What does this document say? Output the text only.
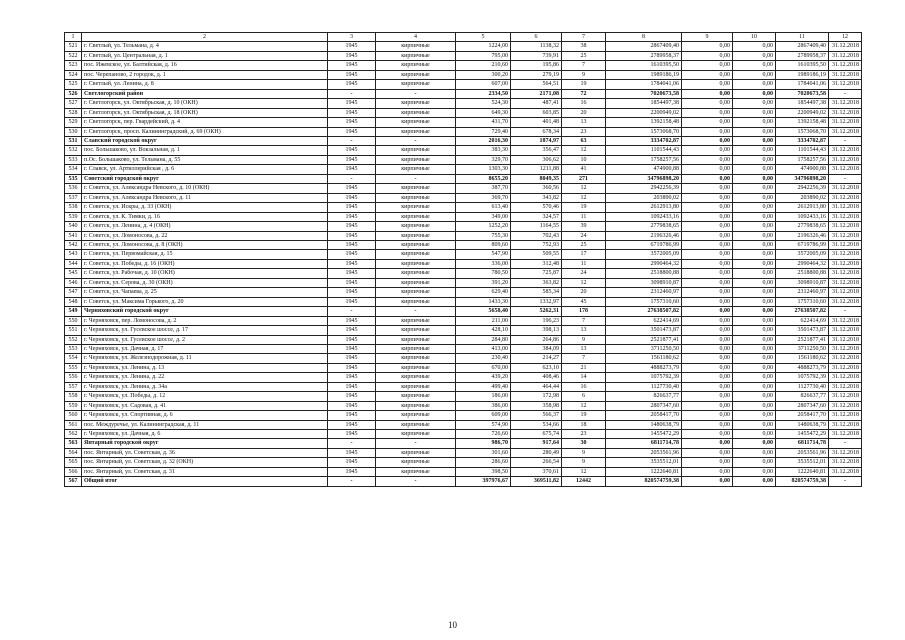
1	2	3	4	5	6	7	8	9	10	11	12
521	г. Светлый, ул. Тельмана, д. 4	1945	кирпичные	1224,00	1138,32	38	2867409,40	0,00	0,00	2867409,40	31.12.2018
522	г. Светлый, ул. Центральная, д. 1	1945	кирпичные	795,00	739,91	25	2789958,37	0,00	0,00	2789958,37	31.12.2018
523	пос. Ижевское, ул. Балтийская, д. 16	1945	кирпичные	210,60	195,86	7	1610395,50	0,00	0,00	1610395,50	31.12.2018
524	пос. Черепаново, 2 городок, д. 1	1945	кирпичные	300,20	279,19	9	1989186,19	0,00	0,00	1989186,19	31.12.2018
525	г. Светлый, ул. Ленина, д. 8	1945	кирпичные	607,00	564,51	19	1784041,06	0,00	0,00	1784041,06	31.12.2018
526	Светлогорский район	-	-	2334,50	2171,08	72	7020673,58	0,00	0,00	7020673,58	-
527	г. Светлогорск, ул. Октябрьская, д. 10 (ОКН)	1945	кирпичные	524,30	487,41	16	1854497,38	0,00	0,00	1854497,38	31.12.2018
528	г. Светлогорск, ул. Октябрьская, д. 18 (ОКН)	1945	кирпичные	649,30	603,85	20	2200949,02	0,00	0,00	2200949,02	31.12.2018
529	г. Светлогорск, пер. Гвардейский, д. 4	1945	кирпичные	431,70	401,48	13	1392158,48	0,00	0,00	1392158,48	31.12.2018
530	г. Светлогорск, просп. Калининградский, д. 69 (ОКН)	1945	кирпичные	729,40	678,34	23	1573068,70	0,00	0,00	1573068,70	31.12.2018
531	Славский городской округ	-	-	2016,30	1874,97	63	3334702,87	0,00	0,00	3334702,87	-
532	пос. Большаково, ул. Вокзальная, д. 1	1945	кирпичные	383,30	356,47	12	1101544,43	0,00	0,00	1101544,43	31.12.2018
533	п.Ос. Большаково, ул. Тельмана, д. 55	1945	кирпичные	329,70	306,62	10	1758257,56	0,00	0,00	1758257,56	31.12.2018
534	г. Славск, ул. Артиллерийская , д. 6	1945	кирпичные	1303,30	1211,88	41	474900,88	0,00	0,00	474900,88	31.12.2018
535	Советский городской округ	-	-	8655,20	8049,35	271	34796898,20	0,00	0,00	34796898,20	-
536	г. Советск, ул. Александра Невского, д. 10 (ОКН)	1945	кирпичные	387,70	360,56	12	2942256,39	0,00	0,00	2942256,39	31.12.2018
537	г. Советск, ул. Александра Невского, д. 11	1945	кирпичные	369,70	343,82	12	203890,02	0,00	0,00	203890,02	31.12.2018
538	г. Советск, ул. Искры, д. 33 (ОКН)	1945	кирпичные	613,40	570,46	19	2612913,80	0,00	0,00	2612913,80	31.12.2018
539	г. Советск, ул. К. Тимки, д. 16	1945	кирпичные	349,00	324,57	11	1092433,16	0,00	0,00	1092433,16	31.12.2018
540	г. Советск, ул. Ленина, д. 4 (ОКН)	1945	кирпичные	1252,20	1164,55	39	2779838,65	0,00	0,00	2779838,65	31.12.2018
541	г. Советск, ул. Ломоносова, д. 22	1945	кирпичные	755,30	702,43	24	2196326,46	0,00	0,00	2196326,46	31.12.2018
542	г. Советск, ул. Ломоносова, д. 8 (ОКН)	1945	кирпичные	809,60	752,93	25	6719786,99	0,00	0,00	6719786,99	31.12.2018
543	г. Советск, ул. Первомайская, д. 15	1945	кирпичные	547,90	509,55	17	3572005,09	0,00	0,00	3572005,09	31.12.2018
544	г. Советск, ул. Победы, д. 16 (ОКН)	1945	кирпичные	336,00	312,48	11	2990464,32	0,00	0,00	2990464,32	31.12.2018
545	г. Советск, ул. Рабочая, д. 10 (ОКН)	1945	кирпичные	780,50	725,87	24	2518800,88	0,00	0,00	2518800,88	31.12.2018
546	г. Советск, ул. Серова, д. 30 (ОКН)	1945	кирпичные	391,20	363,82	12	3098910,87	0,00	0,00	3098910,87	31.12.2018
547	г. Советск, ул. Чапаева, д. 25	1945	кирпичные	629,40	585,34	20	2312460,97	0,00	0,00	2312460,97	31.12.2018
548	г. Советск, ул. Максима Горького, д. 20	1945	кирпичные	1433,30	1332,97	45	1757310,60	0,00	0,00	1757310,60	31.12.2018
549	Черняховский городской округ	-	-	5658,40	5262,31	178	27638507,82	0,00	0,00	27638507,82	-
550	г. Черняховск, пер. Ломоносова, д. 2	1945	кирпичные	211,00	196,23	7	622414,69	0,00	0,00	622414,69	31.12.2018
551	г. Черняховск, ул. Гусевское шоссе, д. 17	1945	кирпичные	428,10	398,13	13	3501473,87	0,00	0,00	3501473,87	31.12.2018
552	г. Черняховск, ул. Гусевское шоссе, д. 2	1945	кирпичные	284,80	264,86	9	2521877,41	0,00	0,00	2521877,41	31.12.2018
553	г. Черняховск, ул. Дачная, д. 17	1945	кирпичные	413,00	384,09	13	3711250,50	0,00	0,00	3711250,50	31.12.2018
554	г. Черняховск, ул. Железнодорожная, д. 11	1945	кирпичные	230,40	214,27	7	1561180,62	0,00	0,00	1561180,62	31.12.2018
555	г. Черняховск, ул. Ленина, д. 13	1945	кирпичные	670,00	623,10	21	4888273,79	0,00	0,00	4888273,79	31.12.2018
556	г. Черняховск, ул. Ленина, д. 22	1945	кирпичные	439,20	408,46	14	1075792,39	0,00	0,00	1075792,39	31.12.2018
557	г. Черняховск, ул. Ленина, д. 34а	1945	кирпичные	499,40	464,44	16	1127730,40	0,00	0,00	1127730,40	31.12.2018
558	г. Черняховск, ул. Победы, д. 12	1945	кирпичные	186,00	172,98	6	826637,77	0,00	0,00	826637,77	31.12.2018
559	г. Черняховск, ул. Садовая, д. 41	1945	кирпичные	386,00	358,98	12	2807347,60	0,00	0,00	2807347,60	31.12.2018
560	г. Черняховск, ул. Спортивная, д. 6	1945	кирпичные	609,00	566,37	19	2058417,70	0,00	0,00	2058417,70	31.12.2018
561	пос. Междуречье, ул. Калининградская, д. 11	1945	кирпичные	574,90	534,66	18	1480638,79	0,00	0,00	1480638,79	31.12.2018
562	г. Черняховск, ул. Дачная, д. 6	1945	кирпичные	726,60	675,74	23	1455472,29	0,00	0,00	1455472,29	31.12.2018
563	Янтарный городской округ	-	-	986,70	917,64	30	6811714,78	0,00	0,00	6811714,78	-
564	пос. Янтарный, ул. Советская, д. 36	1945	кирпичные	301,60	280,49	9	2053561,96	0,00	0,00	2053561,96	31.12.2018
565	пос. Янтарный, ул. Советская, д. 32 (ОКН)	1945	кирпичные	286,60	266,54	9	3535512,01	0,00	0,00	3535512,01	31.12.2018
566	пос. Янтарный, ул. Советская, д. 31	1945	кирпичные	398,50	370,61	12	1222640,81	0,00	0,00	1222640,81	31.12.2018
567	Общий итог	-	-	397976,67	369511,82	12442	820574759,38	0,00	0,00	820574759,38	-
10
